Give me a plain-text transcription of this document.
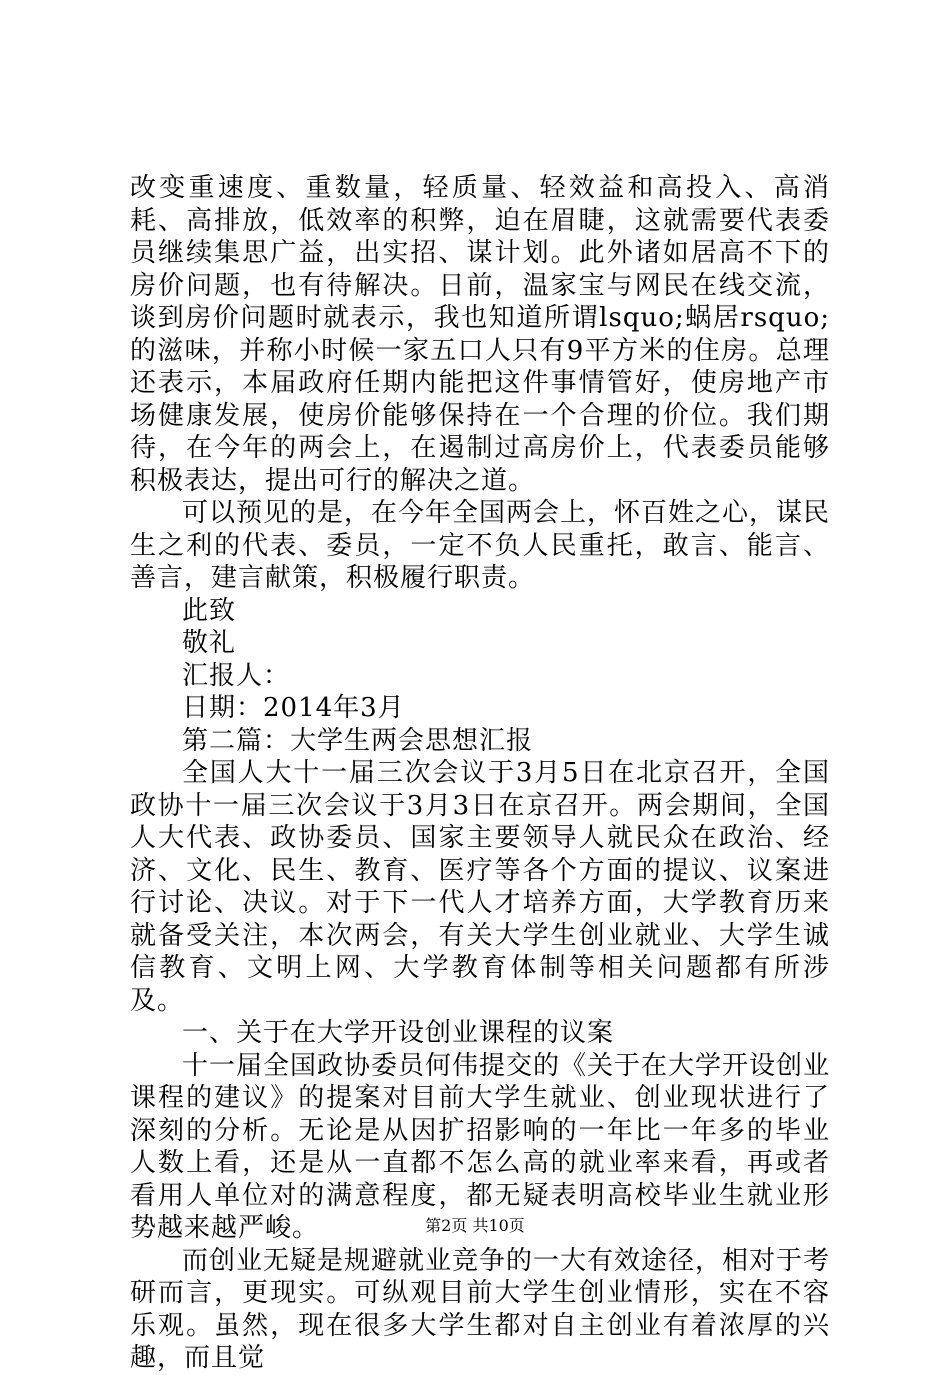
改变重速度、重数量，轻质量、轻效益和高投入、高消耗、高排放，低效率的积弊，迫在眉睫，这就需要代表委员继续集思广益，出实招、谋计划。此外诸如居高不下的房价问题，也有待解决。日前，温家宝与网民在线交流，谈到房价问题时就表示，我也知道所谓lsquo;蜗居rsquo;的滋味，并称小时候一家五口人只有9平方米的住房。总理还表示，本届政府任期内能把这件事情管好，使房地产市场健康发展，使房价能够保持在一个合理的价位。我们期待，在今年的两会上，在遏制过高房价上，代表委员能够积极表达，提出可行的解决之道。

可以预见的是，在今年全国两会上，怀百姓之心，谋民生之利的代表、委员，一定不负人民重托，敢言、能言、善言，建言献策，积极履行职责。

此致

敬礼

汇报人：

日期：2014年3月

第二篇：大学生两会思想汇报

全国人大十一届三次会议于3月5日在北京召开，全国政协十一届三次会议于3月3日在京召开。两会期间，全国人大代表、政协委员、国家主要领导人就民众在政治、经济、文化、民生、教育、医疗等各个方面的提议、议案进行讨论、决议。对于下一代人才培养方面，大学教育历来就备受关注，本次两会，有关大学生创业就业、大学生诚信教育、文明上网、大学教育体制等相关问题都有所涉及。

一、关于在大学开设创业课程的议案

十一届全国政协委员何伟提交的《关于在大学开设创业课程的建议》的提案对目前大学生就业、创业现状进行了深刻的分析。无论是从因扩招影响的一年比一年多的毕业人数上看，还是从一直都不怎么高的就业率来看，再或者看用人单位对的满意程度，都无疑表明高校毕业生就业形势越来越严峻。

而创业无疑是规避就业竞争的一大有效途径，相对于考研而言，更现实。可纵观目前大学生创业情形，实在不容乐观。虽然，现在很多大学生都对自主创业有着浓厚的兴趣，而且觉

第2页 共10页
